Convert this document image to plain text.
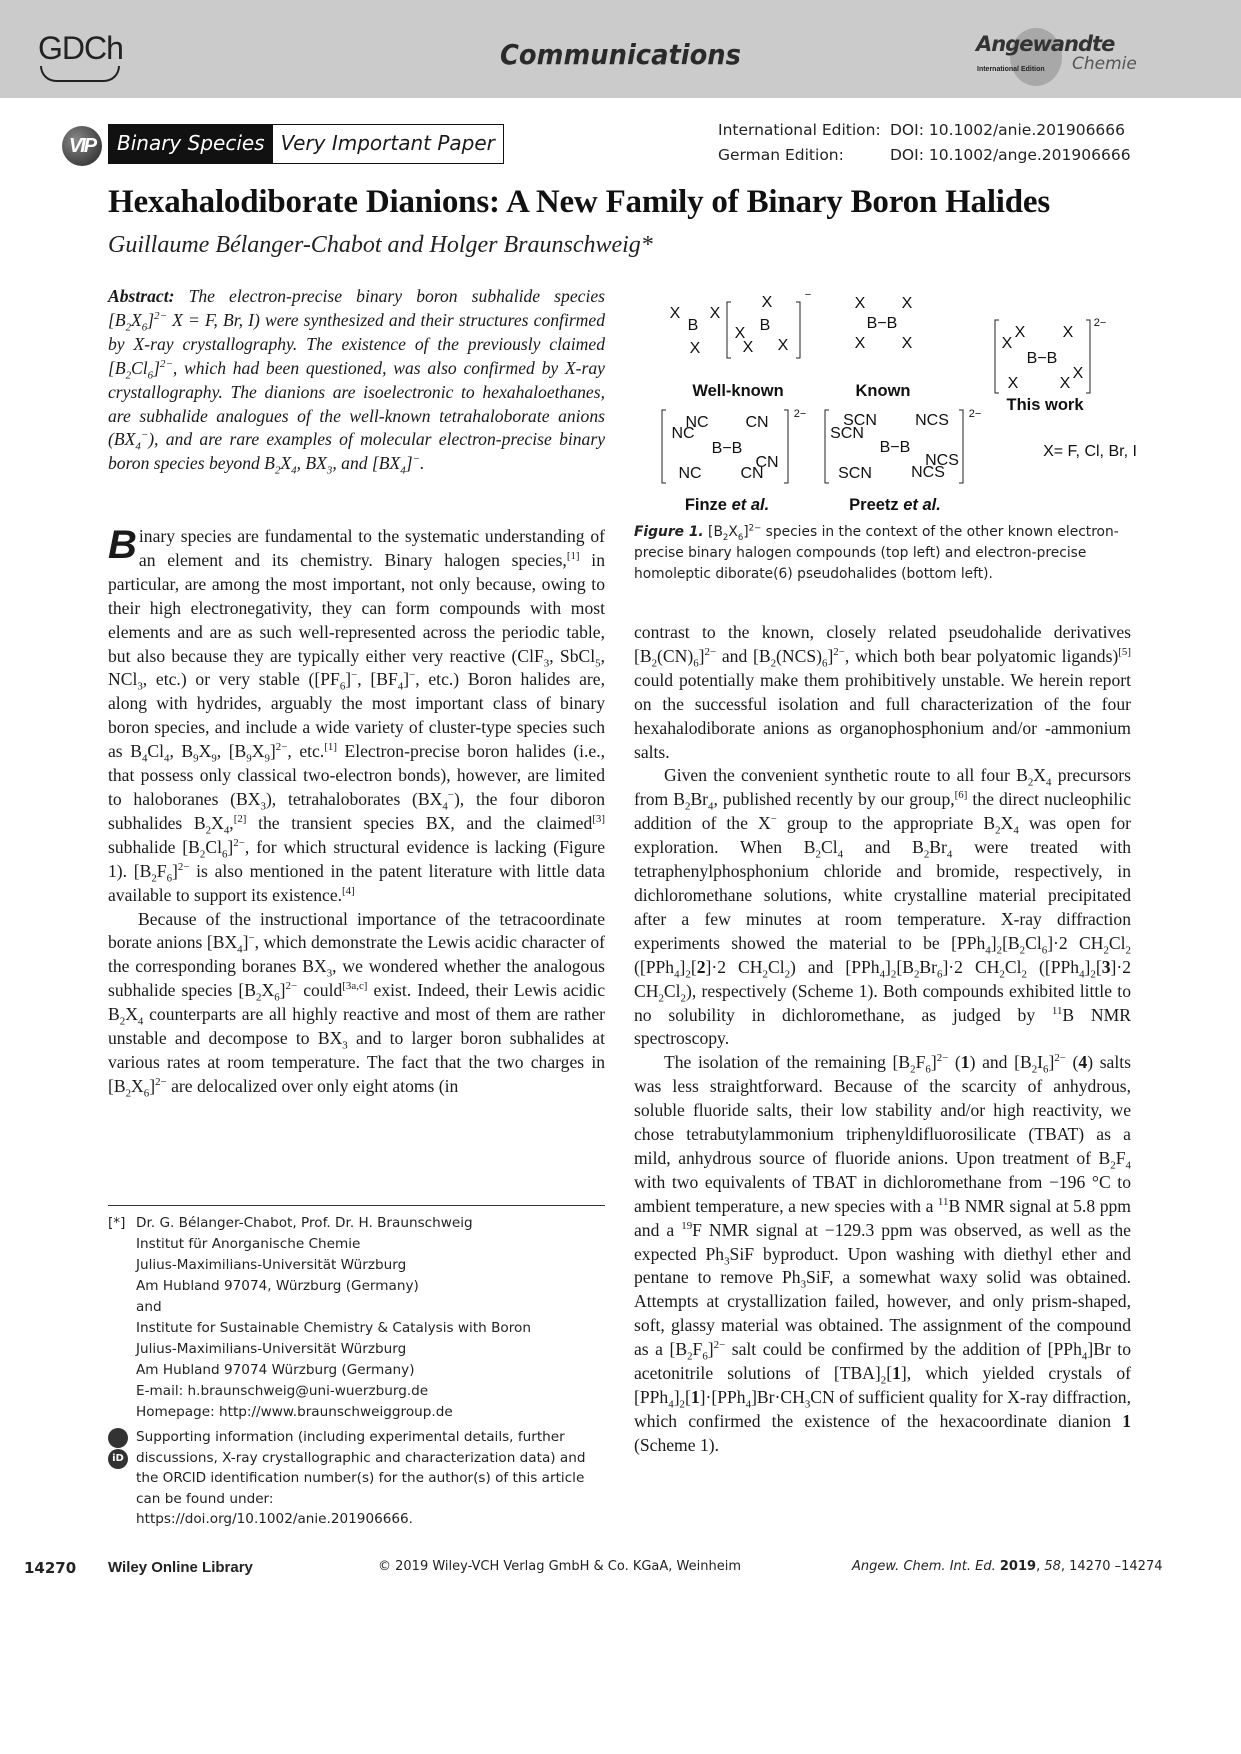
GDCh	Communications	Angewandte
International Edition Chemie
VIP	Binary Species Very Important Paper
International Edition: DOI: 10.1002/anie.201906666
German Edition:	DOI: 10.1002/ange.201906666
Hexahalodiborate Dianions: A New Family of Binary Boron Halides
Guillaume Bélanger-Chabot and Holger Braunschweig*
Abstract: The electron-precise binary boron subhalide species $[B_2X_6]^{2-}$ X = F, Br, I) were synthesized and their structures confirmed by X-ray crystallography. The existence of the previously claimed $[B_2Cl_6]^{2-}$, which had been questioned, was also confirmed by X-ray crystallography. The dianions are isoelectronic to hexahaloethanes, are subhalide analogues of the well-known tetrahaloborate anions $(BX_4^-)$, and are rare examples of molecular electron-precise binary boron species beyond $B_2X_4$, $BX_3$, and $[BX_4]^-$.

Binary species are fundamental to the systematic understanding of an element and its chemistry. Binary halogen species,[1] in particular, are among the most important, not only because, owing to their high electronegativity, they can form compounds with most elements and are as such well-represented across the periodic table, but also because they are typically either very reactive (ClF$_3$, SbCl$_5$, NCl$_3$, etc.) or very stable ($[PF_6]^-$, $[BF_4]^-$, etc.) Boron halides are, along with hydrides, arguably the most important class of binary boron species, and include a wide variety of cluster-type species such as $B_4Cl_4$, $B_9X_9$, $[B_9X_9]^{2-}$, etc.[1] Electron-precise boron halides (i.e., that possess only classical two-electron bonds), however, are limited to haloboranes $(BX_3)$, tetrahaloborates $(BX_4^-)$, the four diboron subhalides $B_2X_4,[2]$ the transient species BX, and the claimed[3] subhalide $[B_2Cl_6]^{2-}$, for which structural evidence is lacking (Figure 1). $[B_2F_6]^{2-}$ is also mentioned in the patent literature with little data available to support its existence.[4]

Because of the instructional importance of the tetracoordinate borate anions $[BX_4]^-$, which demonstrate the Lewis acidic character of the corresponding boranes $BX_3$, we wondered whether the analogous subhalide species $[B_2X_6]^{2-}$ could[3a,c] exist. Indeed, their Lewis acidic $B_2X_4$ counterparts are all highly reactive and most of them are rather unstable and decompose to $BX_3$ and to larger boron subhalides at various rates at room temperature. The fact that the two charges in $[B_2X_6]^{2-}$ are delocalized over only eight atoms (in

X
B
X
X
X
B
X
X X
−	X X
B−B
X X
X
X
B−B
X
X
X
X
2−
NC
NC
B−B
CN
CN
CN
NC
2− SCN
SCN
B−B
NCS
NCS
NCS
SCN
2−
Well-known	Known
This work
Finze et al.	Preetz et al.
X= F, Cl, Br, I
Figure 1. $[B_2X_6]^{2-}$ species in the context of the other known electron-precise binary halogen compounds (top left) and electron-precise homoleptic diborate(6) pseudohalides (bottom left).

contrast to the known, closely related pseudohalide derivatives $[B_2(CN)_6]^{2-}$ and $[B_2(NCS)_6]^{2-}$, which both bear polyatomic ligands)[5] could potentially make them prohibitively unstable. We herein report on the successful isolation and full characterization of the four hexahalodiborate anions as organophosphonium and/or -ammonium salts.

Given the convenient synthetic route to all four $B_2X_4$ precursors from $B_2Br_4$, published recently by our group,[6] the direct nucleophilic addition of the X− group to the appropriate $B_2X_4$ was open for exploration. When $B_2Cl_4$ and $B_2Br_4$ were treated with tetraphenylphosphonium chloride and bromide, respectively, in dichloromethane solutions, white crystalline material precipitated after a few minutes at room temperature. X-ray diffraction experiments showed the material to be $[PPh_4]_2[B_2Cl_6]\cdot 2$ $CH_2Cl_2$ ($[PPh_4]_2[2]\cdot 2$ $CH_2Cl_2$) and $[PPh_4]_2[B_2Br_6]\cdot 2$ $CH_2Cl_2$ ($[PPh_4]_2[3]\cdot 2$ $CH_2Cl_2$), respectively (Scheme 1). Both compounds exhibited little to no solubility in dichloromethane, as judged by $^{11}$B NMR spectroscopy.

The isolation of the remaining $[B_2F_6]^{2-}$ (1) and $[B_2I_6]^{2-}$ (4) salts was less straightforward. Because of the scarcity of anhydrous, soluble fluoride salts, their low stability and/or high reactivity, we chose tetrabutylammonium triphenyldifluorosilicate (TBAT) as a mild, anhydrous source of fluoride anions. Upon treatment of $B_2F_4$ with two equivalents of TBAT in dichloromethane from −196 °C to ambient temperature, a new species with a $^{11}$B NMR signal at 5.8 ppm and a $^{19}$F NMR signal at −129.3 ppm was observed, as well as the expected $Ph_3SiF$ byproduct. Upon washing with diethyl ether and pentane to remove $Ph_3SiF$, a somewhat waxy solid was obtained. Attempts at crystallization failed, however, and only prism-shaped, soft, glassy material was obtained. The assignment of the compound as a $[B_2F_6]^{2-}$ salt could be confirmed by the addition of [PPh$_4$]Br to acetonitrile solutions of $[TBA]_2[1]$, which yielded crystals of $[PPh_4]_2[1]\cdot[PPh_4]Br\cdot CH_3CN$ of sufficient quality for X-ray diffraction, which confirmed the existence of the hexacoordinate dianion 1 (Scheme 1).

[*] Dr. G. Bélanger-Chabot, Prof. Dr. H. Braunschweig
Institut für Anorganische Chemie
Julius-Maximilians-Universität Würzburg
Am Hubland 97074, Würzburg (Germany)
and
Institute for Sustainable Chemistry & Catalysis with Boron
Julius-Maximilians-Universität Würzburg
Am Hubland 97074 Würzburg (Germany)
E-mail: h.braunschweig@uni-wuerzburg.de
Homepage: http://www.braunschweiggroup.de
iD
Supporting information (including experimental details, further discussions, X-ray crystallographic and characterization data) and the ORCID identification number(s) for the author(s) of this article can be found under:
https://doi.org/10.1002/anie.201906666.
14270 Wiley Online Library	© 2019 Wiley-VCH Verlag GmbH & Co. KGaA, Weinheim	Angew. Chem. Int. Ed. 2019, 58, 14270 –14274
